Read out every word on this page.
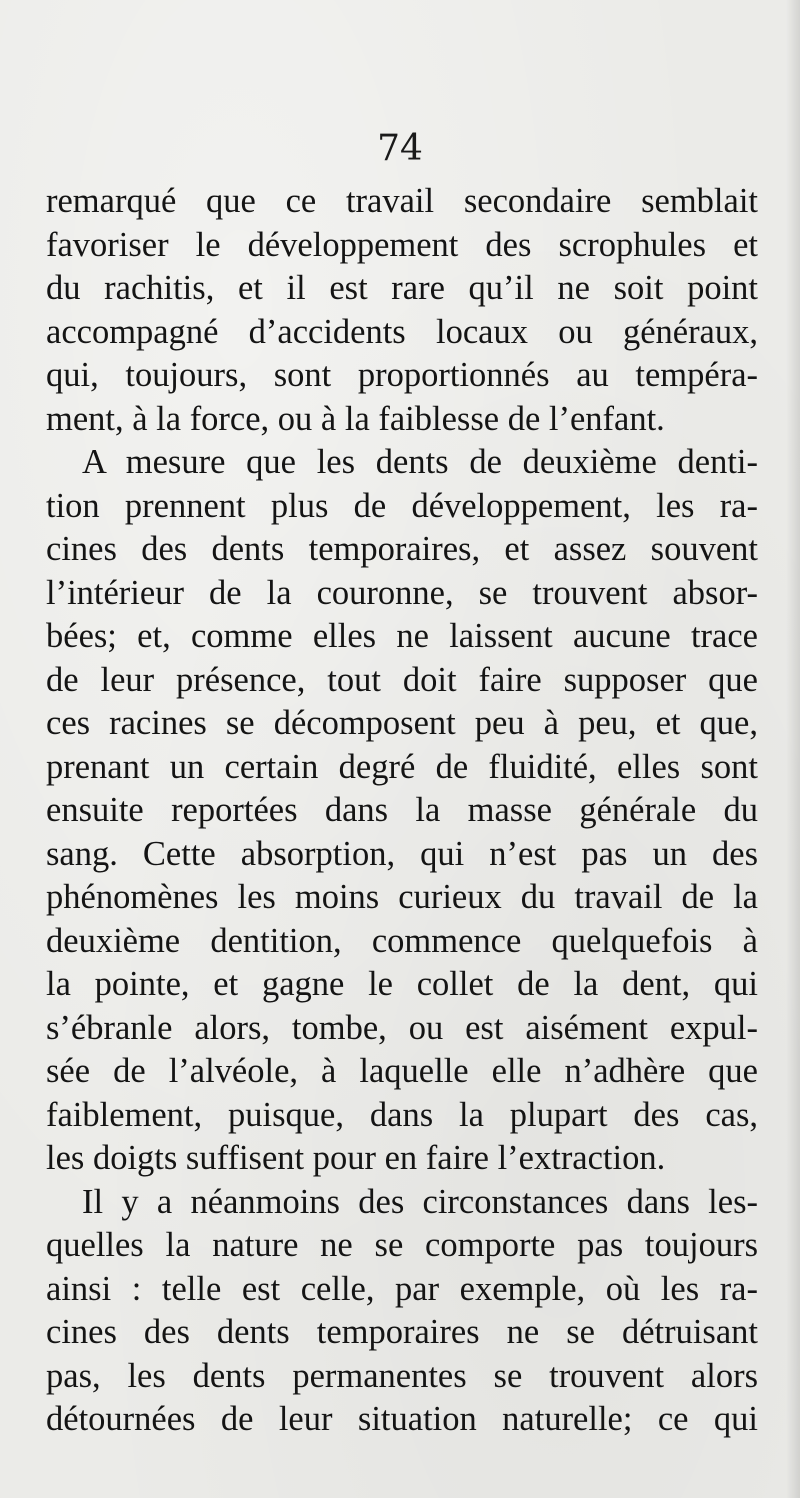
74
remarqué que ce travail secondaire semblait
favoriser le développement des scrophules et
du rachitis, et il est rare qu’il ne soit point
accompagné d’accidents locaux ou généraux,
qui, toujours, sont proportionnés au tempéra-
ment, à la force, ou à la faiblesse de l’enfant.
A mesure que les dents de deuxième denti-
tion prennent plus de développement, les ra-
cines des dents temporaires, et assez souvent
l’intérieur de la couronne, se trouvent absor-
bées; et, comme elles ne laissent aucune trace
de leur présence, tout doit faire supposer que
ces racines se décomposent peu à peu, et que,
prenant un certain degré de fluidité, elles sont
ensuite reportées dans la masse générale du
sang. Cette absorption, qui n’est pas un des
phénomènes les moins curieux du travail de la
deuxième dentition, commence quelquefois à
la pointe, et gagne le collet de la dent, qui
s’ébranle alors, tombe, ou est aisément expul-
sée de l’alvéole, à laquelle elle n’adhère que
faiblement, puisque, dans la plupart des cas,
les doigts suffisent pour en faire l’extraction.
Il y a néanmoins des circonstances dans les-
quelles la nature ne se comporte pas toujours
ainsi : telle est celle, par exemple, où les ra-
cines des dents temporaires ne se détruisant
pas, les dents permanentes se trouvent alors
détournées de leur situation naturelle; ce qui
